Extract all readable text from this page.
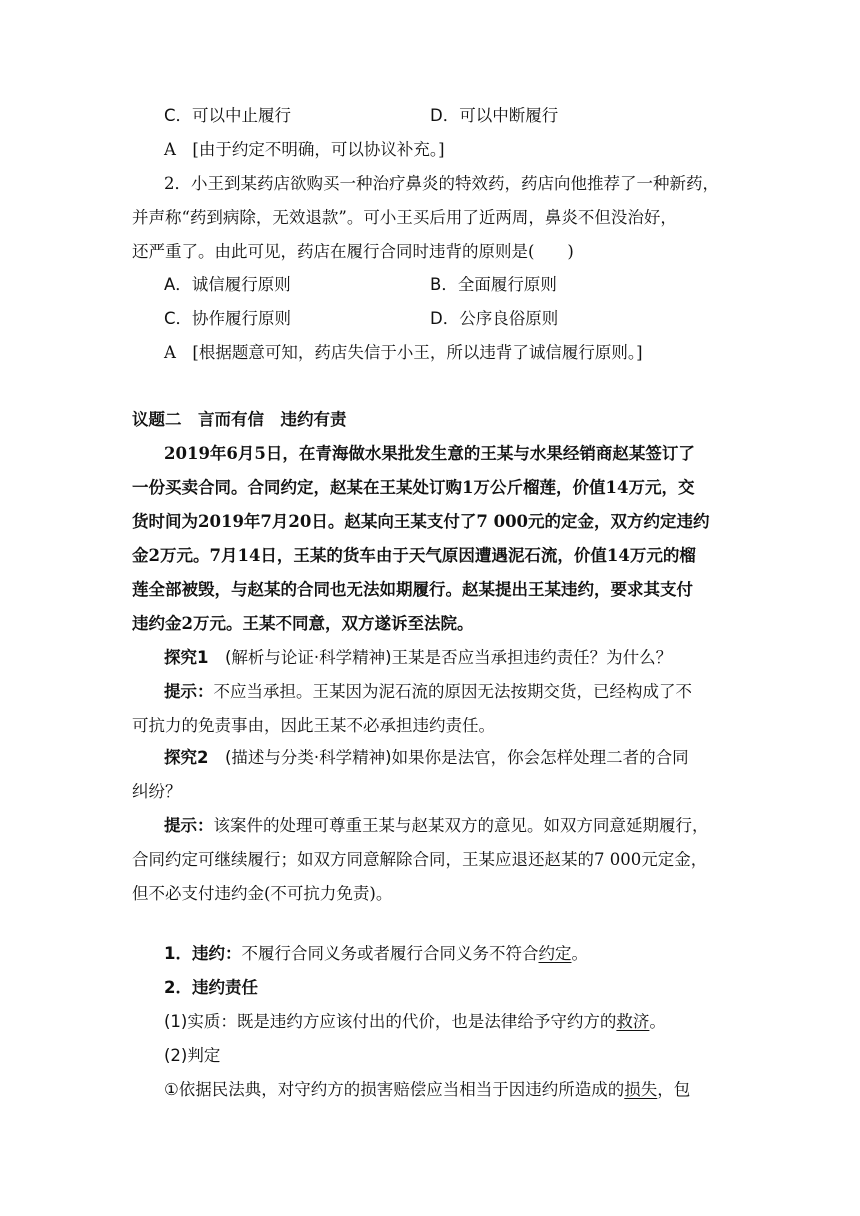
C．可以中止履行	D．可以中断履行
A　[由于约定不明确，可以协议补充。]
2．小王到某药店欲购买一种治疗鼻炎的特效药，药店向他推荐了一种新药，
并声称“药到病除，无效退款”。可小王买后用了近两周，鼻炎不但没治好，
还严重了。由此可见，药店在履行合同时违背的原则是(　　)
A．诚信履行原则	B．全面履行原则
C．协作履行原则	D．公序良俗原则
A　[根据题意可知，药店失信于小王，所以违背了诚信履行原则。]
议题二　言而有信　违约有责
2019年6月5日，在青海做水果批发生意的王某与水果经销商赵某签订了
一份买卖合同。合同约定，赵某在王某处订购1万公斤榴莲，价值14万元，交
货时间为2019年7月20日。赵某向王某支付了7 000元的定金，双方约定违约
金2万元。7月14日，王某的货车由于天气原因遭遇泥石流，价值14万元的榴
莲全部被毁，与赵某的合同也无法如期履行。赵某提出王某违约，要求其支付
违约金2万元。王某不同意，双方遂诉至法院。
探究1　(解析与论证·科学精神)王某是否应当承担违约责任？为什么？
提示：不应当承担。王某因为泥石流的原因无法按期交货，已经构成了不
可抗力的免责事由，因此王某不必承担违约责任。
探究2　(描述与分类·科学精神)如果你是法官，你会怎样处理二者的合同
纠纷？
提示：该案件的处理可尊重王某与赵某双方的意见。如双方同意延期履行，
合同约定可继续履行；如双方同意解除合同，王某应退还赵某的7 000元定金，
但不必支付违约金(不可抗力免责)。
1．违约：不履行合同义务或者履行合同义务不符合约定。
2．违约责任
(1)实质：既是违约方应该付出的代价，也是法律给予守约方的救济。
(2)判定
①依据民法典，对守约方的损害赔偿应当相当于因违约所造成的损失，包
